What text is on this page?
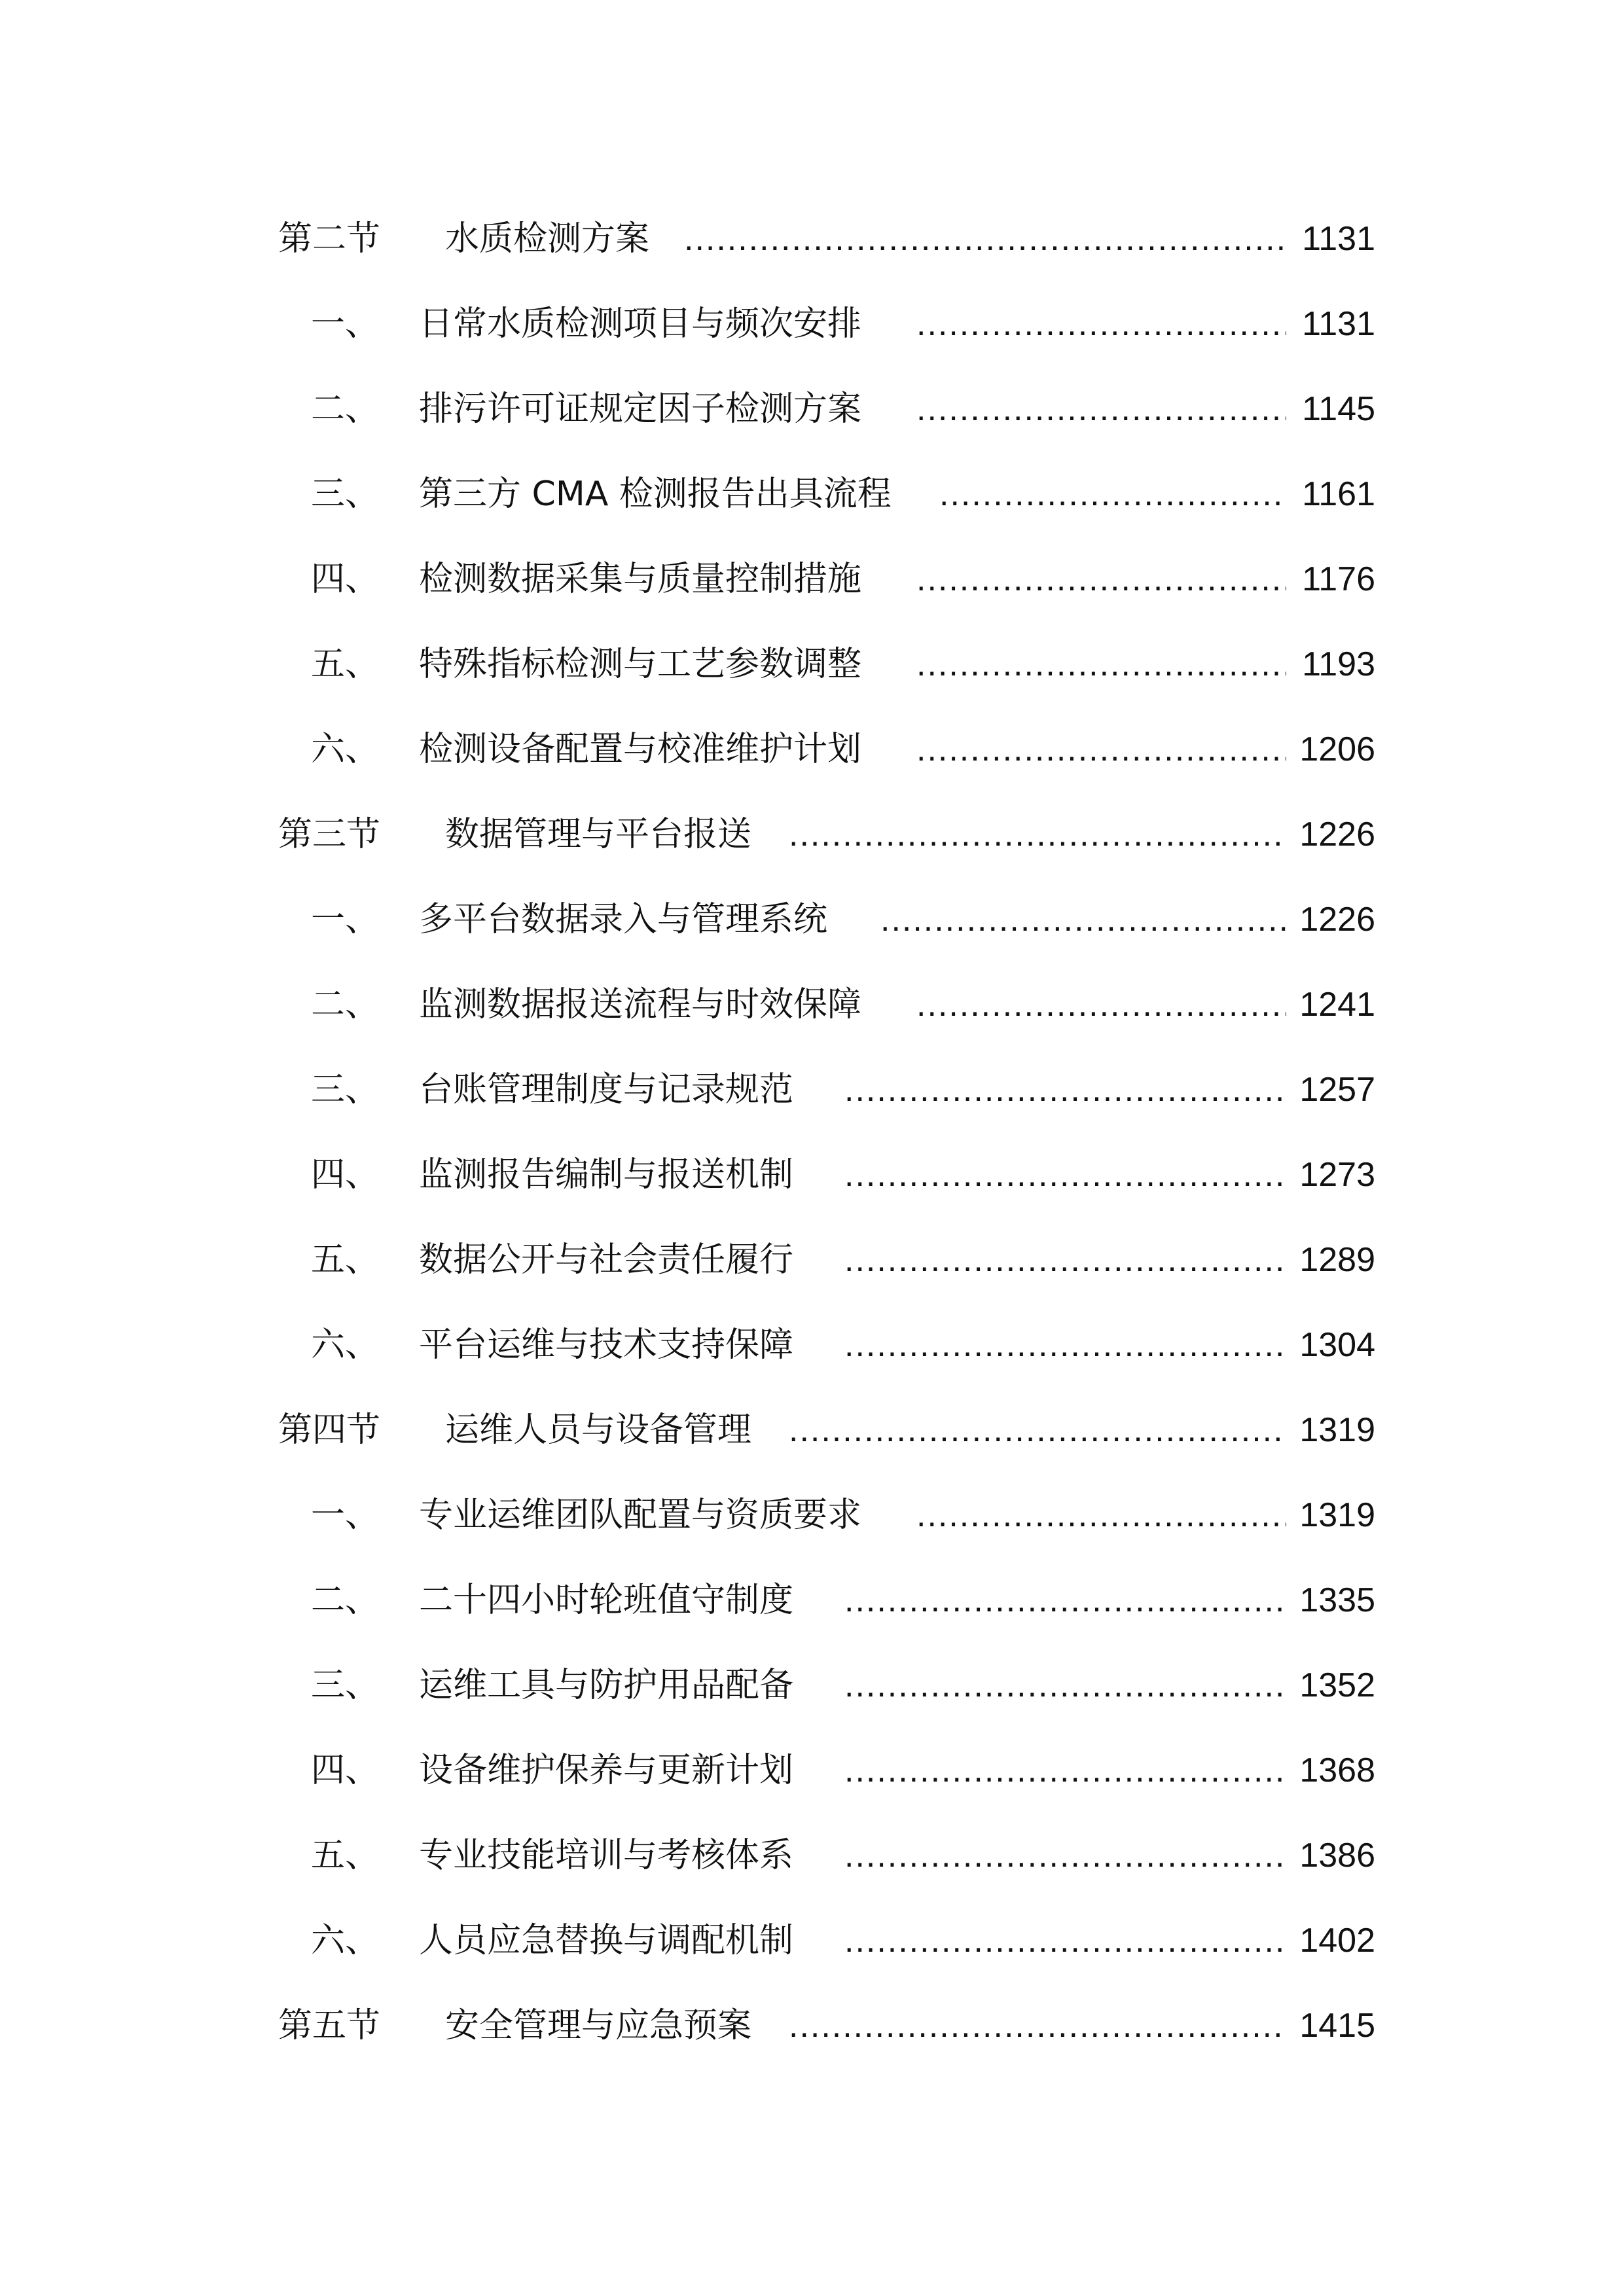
第二节 水质检测方案 .....	1131
一、 日常水质检测项目与频次安排 .....	1131
二、 排污许可证规定因子检测方案 .....	1145
三、 第三方 CMA 检测报告出具流程 .....	1161
四、 检测数据采集与质量控制措施 .....	1176
五、 特殊指标检测与工艺参数调整 .....	1193
六、 检测设备配置与校准维护计划 .....	1206
第三节 数据管理与平台报送 .....	1226
一、 多平台数据录入与管理系统 .....	1226
二、 监测数据报送流程与时效保障 .....	1241
三、 台账管理制度与记录规范 .....	1257
四、 监测报告编制与报送机制 .....	1273
五、 数据公开与社会责任履行 .....	1289
六、 平台运维与技术支持保障 .....	1304
第四节 运维人员与设备管理 .....	1319
一、 专业运维团队配置与资质要求 .....	1319
二、 二十四小时轮班值守制度 .....	1335
三、 运维工具与防护用品配备 .....	1352
四、 设备维护保养与更新计划 .....	1368
五、 专业技能培训与考核体系 .....	1386
六、 人员应急替换与调配机制 .....	1402
第五节 安全管理与应急预案 .....	1415
